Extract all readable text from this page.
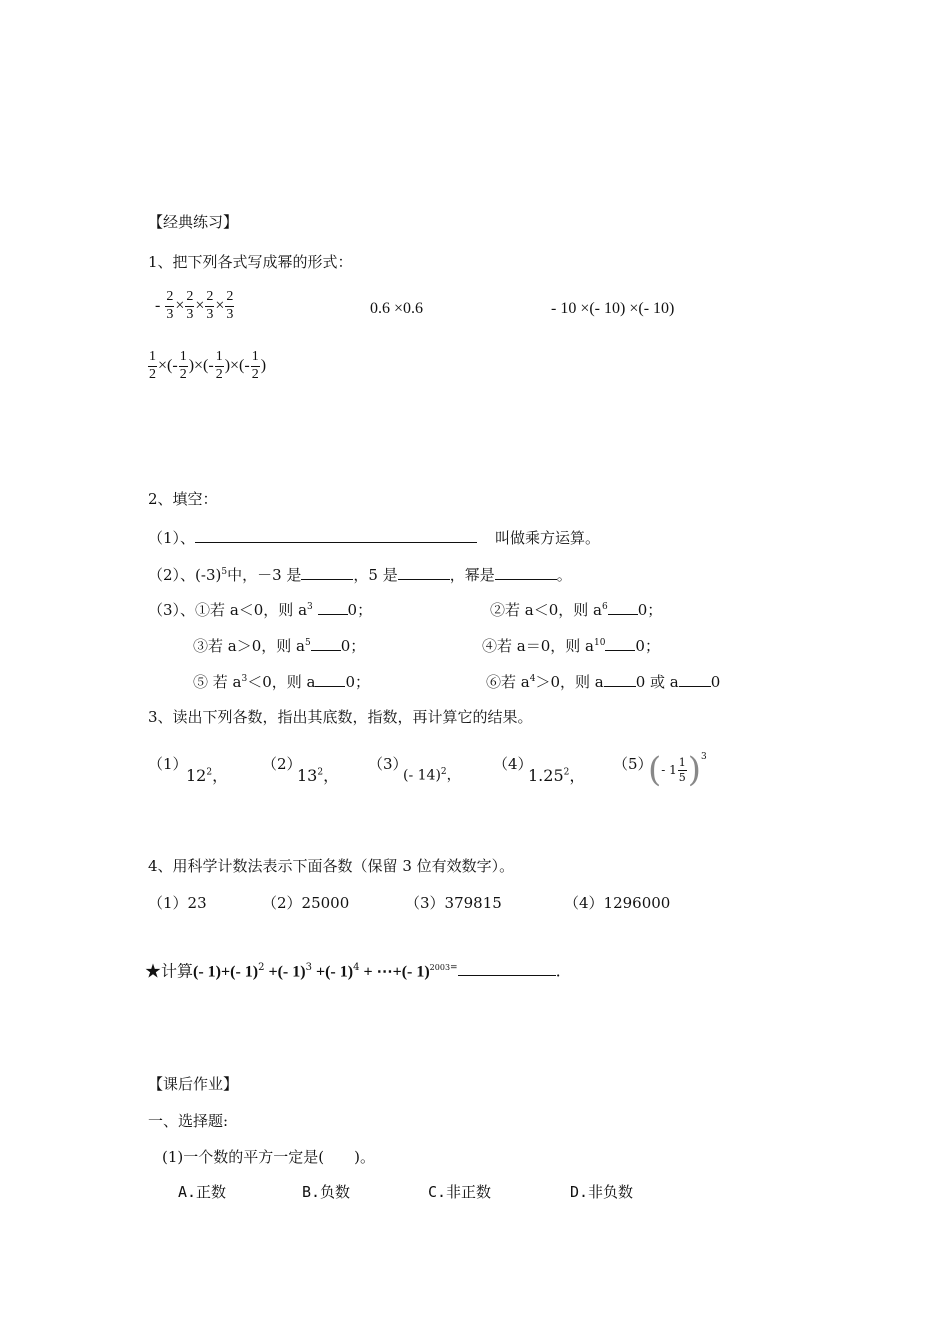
【经典练习】
1、把下列各式写成幂的形式：
- $\frac{2}{3} \times \frac{2}{3} \times \frac{2}{3} \times \frac{2}{3}$	0.6 ×0.6	- 10 ×(- 10) ×(- 10)
$\frac{1}{2}$ ×(- $\frac{1}{2}$ )×(- $\frac{1}{2}$ )×(- $\frac{1}{2}$ )
2、填空：
（1）、	叫做乘方运算。
（2）、$(-3)^5$中，－3 是	，5 是	，幂是	。
（3）、①若 a＜0，则 $a^3$ 0；	②若 a＜0，则 $a^6$ 0；
③若 a＞0，则 $a^5$ 0；	④若 a＝0，则 $a^{10}$ 0；
⑤ 若 $a^3<0$，则 a 0；	⑥若 $a^4>0$，则 a 0 或 a 0
3、读出下列各数，指出其底数，指数，再计算它的结果。
（1）
$12^2$，
（2）
$13^2$，
（3）
(- 14)$^2$，
（4）
1.25$^2$，
（5）
( - $1 \frac{1}{5}$ ) 3
4、用科学计数法表示下面各数（保留 3 位有效数字）。
（1）23	（2）25000	（3）379815	（4）1296000
★计算(- 1)+(- 1)$^2$ +(- 1)$^3$ +(- 1)$^4$ + ⋯+(- 1)$^{2003=}$	.
【课后作业】
一、选择题:
(1)一个数的平方一定是(　　)。
A.正数	B.负数	C.非正数	D.非负数
